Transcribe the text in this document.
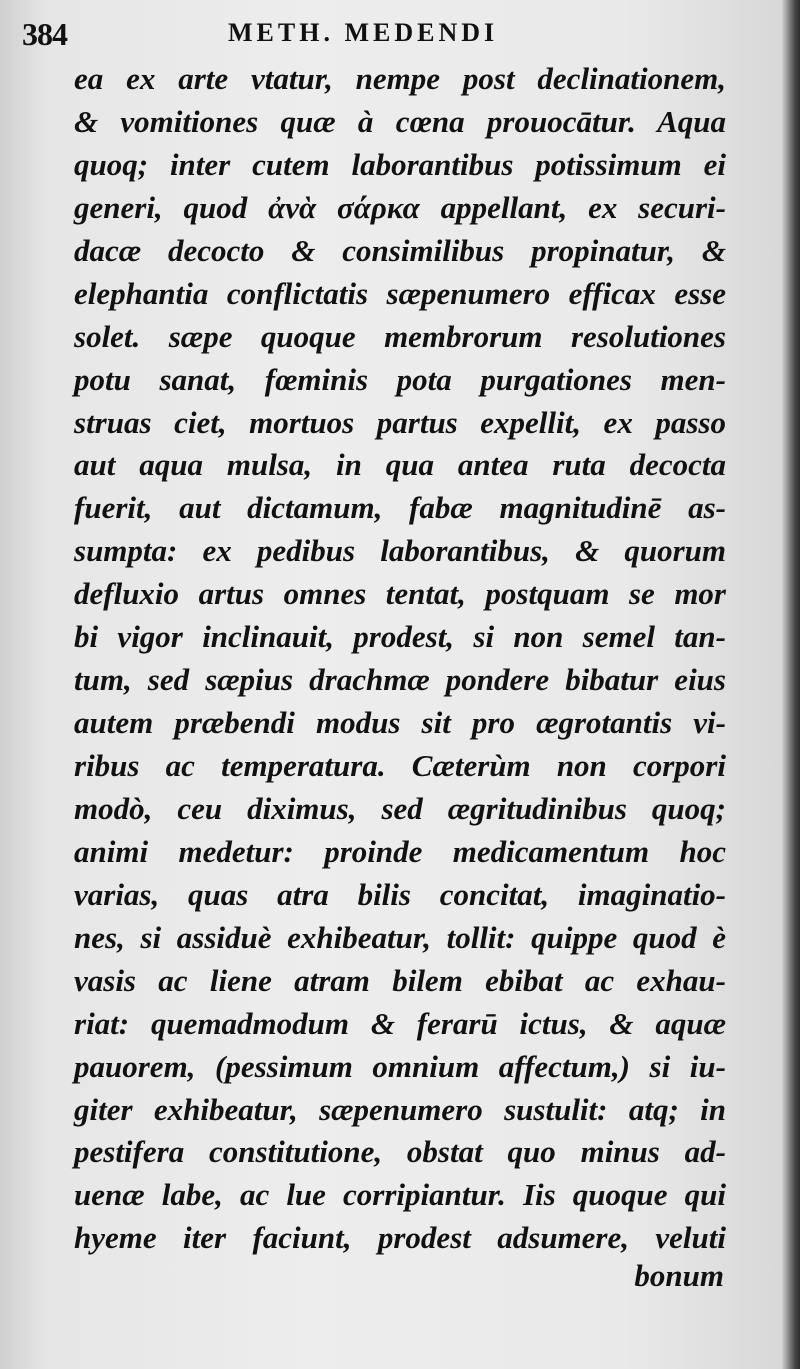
384	METH. MEDENDI
ea ex arte vtatur, nempe post declinationem,
& vomitiones quæ à cœna prouocātur. Aqua
quoq; inter cutem laborantibus potissimum ei
generi, quod ἀνὰ σάρκα appellant, ex securi-
dacæ decocto & consimilibus propinatur, &
elephantia conflictatis sæpenumero efficax esse
solet. sæpe quoque membrorum resolutiones
potu sanat, fœminis pota purgationes men-
struas ciet, mortuos partus expellit, ex passo
aut aqua mulsa, in qua antea ruta decocta
fuerit, aut dictamum, fabæ magnitudinē as-
sumpta: ex pedibus laborantibus, & quorum
defluxio artus omnes tentat, postquam se mor
bi vigor inclinauit, prodest, si non semel tan-
tum, sed sæpius drachmæ pondere bibatur eius
autem præbendi modus sit pro ægrotantis vi-
ribus ac temperatura. Cæterùm non corpori
modò, ceu diximus, sed ægritudinibus quoq;
animi medetur: proinde medicamentum hoc
varias, quas atra bilis concitat, imaginatio-
nes, si assiduè exhibeatur, tollit: quippe quod è
vasis ac liene atram bilem ebibat ac exhau-
riat: quemadmodum & ferarū ictus, & aquæ
pauorem, (pessimum omnium affectum,) si iu-
giter exhibeatur, sæpenumero sustulit: atq; in
pestifera constitutione, obstat quo minus ad-
uenæ labe, ac lue corripiantur. Iis quoque qui
hyeme iter faciunt, prodest adsumere, veluti
bonum
